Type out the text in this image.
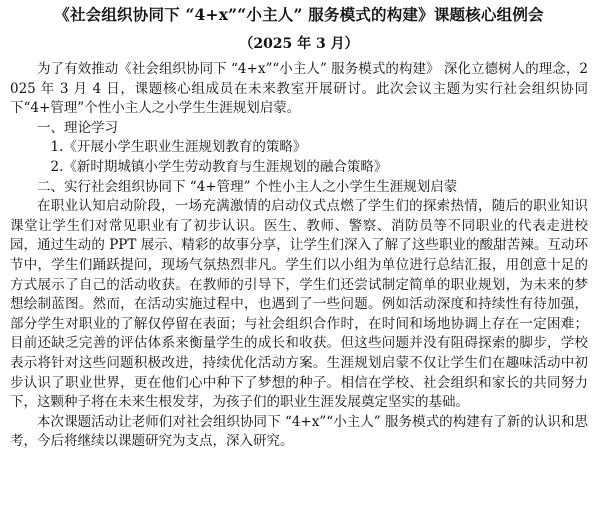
《社会组织协同下 “4+x”“小主人” 服务模式的构建》课题核心组例会
（2025 年 3 月）

为了有效推动《社会组织协同下 “4+x”“小主人” 服务模式的构建》 深化立德树人的理念，2025 年 3 月 4 日，课题核心组成员在未来教室开展研讨。此次会议主题为实行社会组织协同下“4+管理”个性小主人之小学生生涯规划启蒙。

一、理论学习

1.《开展小学生职业生涯规划教育的策略》
2.《新时期城镇小学生劳动教育与生涯规划的融合策略》

二、实行社会组织协同下 “4+管理” 个性小主人之小学生生涯规划启蒙

在职业认知启动阶段，一场充满激情的启动仪式点燃了学生们的探索热情，随后的职业知识课堂让学生们对常见职业有了初步认识。医生、教师、警察、消防员等不同职业的代表走进校园，通过生动的 PPT 展示、精彩的故事分享，让学生们深入了解了这些职业的酸甜苦辣。互动环节中，学生们踊跃提问，现场气氛热烈非凡。学生们以小组为单位进行总结汇报，用创意十足的方式展示了自己的活动收获。在教师的引导下，学生们还尝试制定简单的职业规划，为未来的梦想绘制蓝图。然而，在活动实施过程中，也遇到了一些问题。例如活动深度和持续性有待加强，部分学生对职业的了解仅停留在表面；与社会组织合作时，在时间和场地协调上存在一定困难；目前还缺乏完善的评估体系来衡量学生的成长和收获。但这些问题并没有阻碍探索的脚步，学校表示将针对这些问题积极改进，持续优化活动方案。生涯规划启蒙不仅让学生们在趣味活动中初步认识了职业世界，更在他们心中种下了梦想的种子。相信在学校、社会组织和家长的共同努力下，这颗种子将在未来生根发芽，为孩子们的职业生涯发展奠定坚实的基础。

本次课题活动让老师们对社会组织协同下 “4+x”“小主人” 服务模式的构建有了新的认识和思考，今后将继续以课题研究为支点，深入研究。
